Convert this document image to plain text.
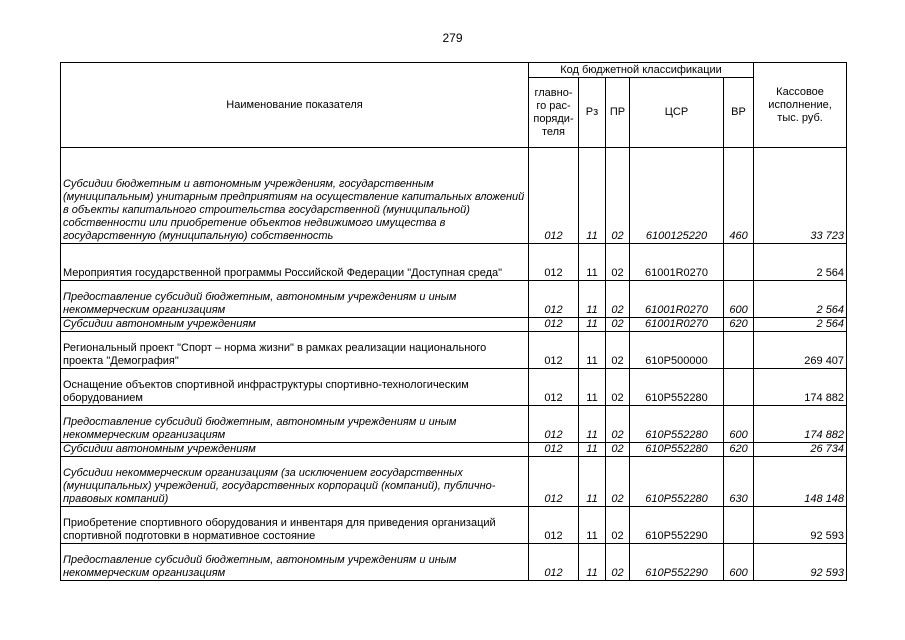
279
Наименование показателя	Код бюджетной классификации					Кассовое исполнение, тыс. руб.
	главно-го рас-поряди-теля	Рз	ПР	ЦСР	ВР	
Субсидии бюджетным и автономным учреждениям, государственным (муниципальным) унитарным предприятиям на осуществление капитальных вложений в объекты капитального строительства государственной (муниципальной) собственности или приобретение объектов недвижимого имущества в государственную (муниципальную) собственность	012	11	02	6100125220	460	33 723
Мероприятия государственной программы Российской Федерации "Доступная среда"	012	11	02	61001R0270		2 564
Предоставление субсидий бюджетным, автономным учреждениям и иным некоммерческим организациям	012	11	02	61001R0270	600	2 564
Субсидии автономным учреждениям	012	11	02	61001R0270	620	2 564
Региональный проект "Спорт – норма жизни" в рамках реализации национального проекта "Демография"	012	11	02	610P500000		269 407
Оснащение объектов спортивной инфраструктуры спортивно-технологическим оборудованием	012	11	02	610P552280		174 882
Предоставление субсидий бюджетным, автономным учреждениям и иным некоммерческим организациям	012	11	02	610P552280	600	174 882
Субсидии автономным учреждениям	012	11	02	610P552280	620	26 734
Субсидии некоммерческим организациям (за исключением государственных (муниципальных) учреждений, государственных корпораций (компаний), публично-правовых компаний)	012	11	02	610P552280	630	148 148
Приобретение спортивного оборудования и инвентаря для приведения организаций спортивной подготовки в нормативное состояние	012	11	02	610P552290		92 593
Предоставление субсидий бюджетным, автономным учреждениям и иным некоммерческим организациям	012	11	02	610P552290	600	92 593
